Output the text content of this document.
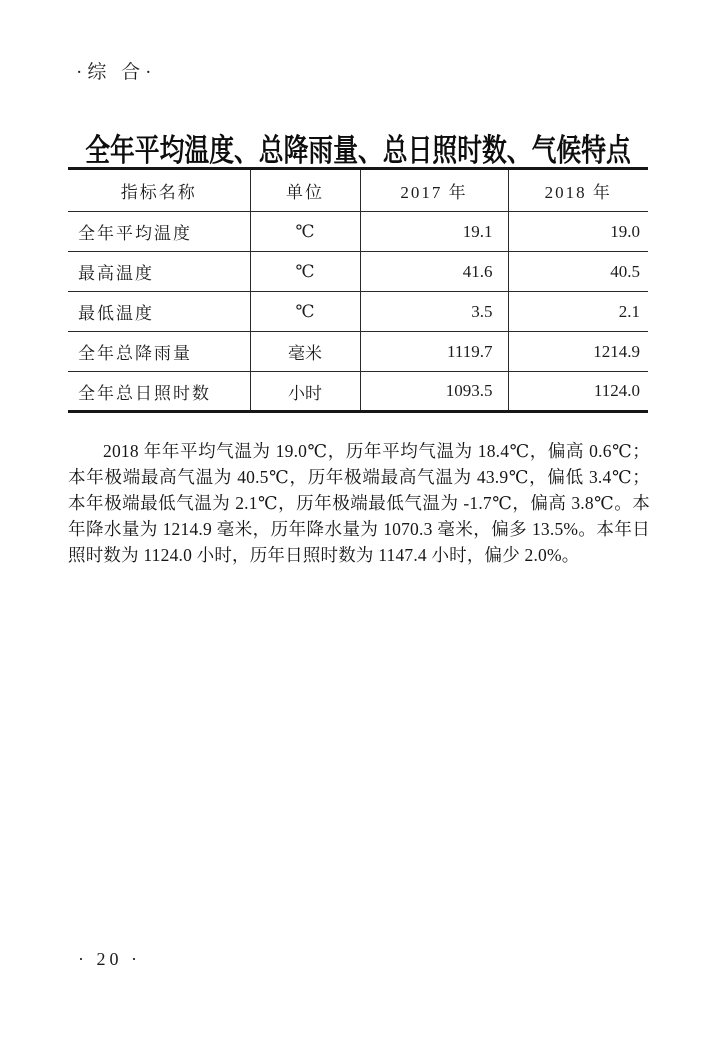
·综 合·
全年平均温度、总降雨量、总日照时数、气候特点
指标名称	单位	2017 年	2018 年
全年平均温度	℃	19.1	19.0
最高温度	℃	41.6	40.5
最低温度	℃	3.5	2.1
全年总降雨量	毫米	1119.7	1214.9
全年总日照时数	小时	1093.5	1124.0

2018 年年平均气温为 19.0℃，历年平均气温为 18.4℃，偏高 0.6℃；本年极端最高气温为 40.5℃，历年极端最高气温为 43.9℃，偏低 3.4℃；本年极端最低气温为 2.1℃，历年极端最低气温为 -1.7℃，偏高 3.8℃。本年降水量为 1214.9 毫米，历年降水量为 1070.3 毫米，偏多 13.5%。本年日照时数为 1124.0 小时，历年日照时数为 1147.4 小时，偏少 2.0%。

· 20 ·
